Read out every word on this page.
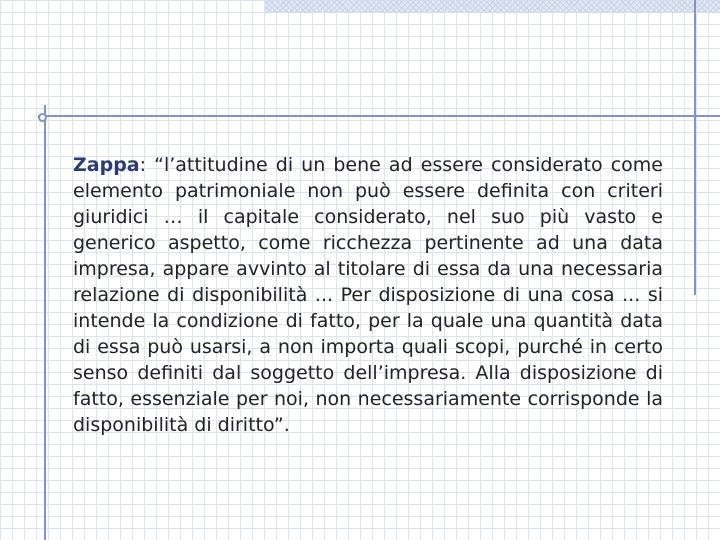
Zappa: “l’attitudine di un bene ad essere considerato come elemento patrimoniale non può essere definita con criteri giuridici … il capitale considerato, nel suo più vasto e generico aspetto, come ricchezza pertinente ad una data impresa, appare avvinto al titolare di essa da una necessaria relazione di disponibilità ... Per disposizione di una cosa ... si intende la condizione di fatto, per la quale una quantità data di essa può usarsi, a non importa quali scopi, purché in certo senso definiti dal soggetto dell’impresa. Alla disposizione di fatto, essenziale per noi, non necessariamente corrisponde la disponibilità di diritto”.
